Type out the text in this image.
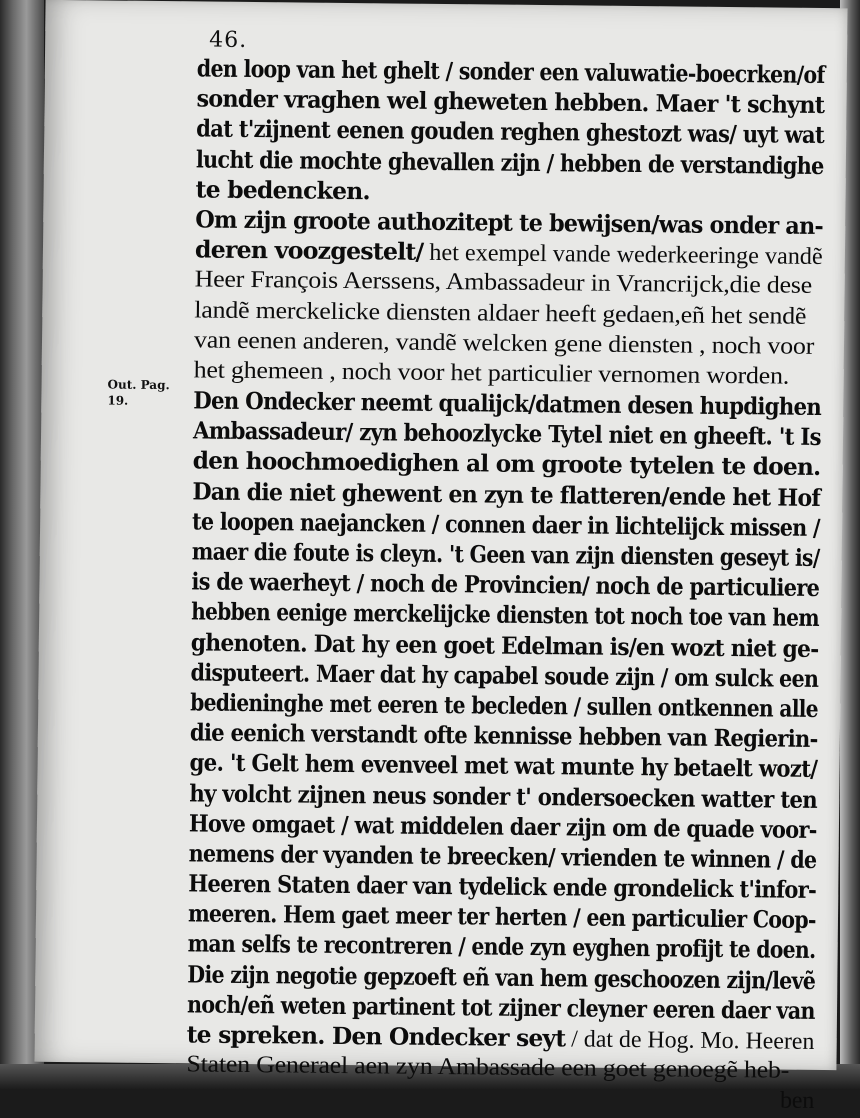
46.
Out. Pag.
19.
den loop van het ghelt / sonder een valuwatie-boecrken/of
sonder vraghen wel gheweten hebben. Maer 't schynt
dat t'zijnent eenen gouden reghen ghestozt was/ uyt wat
lucht die mochte ghevallen zijn / hebben de verstandighe
te bedencken.
Om zijn groote authozitept te bewijsen/was onder an-
deren voozgestelt/ het exempel vande wederkeeringe vandẽ
Heer François Aerssens, Ambassadeur in Vrancrijck,die dese
landẽ merckelicke diensten aldaer heeft gedaen,eñ het sendẽ
van eenen anderen, vandẽ welcken gene diensten , noch voor
het ghemeen , noch voor het particulier vernomen worden.
Den Ondecker neemt qualijck/datmen desen hupdighen
Ambassadeur/ zyn behoozlycke Tytel niet en gheeft. 't Is
den hoochmoedighen al om groote tytelen te doen.
Dan die niet ghewent en zyn te flatteren/ende het Hof
te loopen naejancken / connen daer in lichtelijck missen /
maer die foute is cleyn. 't Geen van zijn diensten geseyt is/
is de waerheyt / noch de Provincien/ noch de particuliere
hebben eenige merckelijcke diensten tot noch toe van hem
ghenoten. Dat hy een goet Edelman is/en wozt niet ge-
disputeert. Maer dat hy capabel soude zijn / om sulck een
bedieninghe met eeren te becleden / sullen ontkennen alle
die eenich verstandt ofte kennisse hebben van Regierin-
ge. 't Gelt hem evenveel met wat munte hy betaelt wozt/
hy volcht zijnen neus sonder t' ondersoecken watter ten
Hove omgaet / wat middelen daer zijn om de quade voor-
nemens der vyanden te breecken/ vrienden te winnen / de
Heeren Staten daer van tydelick ende grondelick t'infor-
meeren. Hem gaet meer ter herten / een particulier Coop-
man selfs te recontreren / ende zyn eyghen profijt te doen.
Die zijn negotie gepzoeft eñ van hem geschoozen zijn/levẽ
noch/eñ weten partinent tot zijner cleyner eeren daer van
te spreken. Den Ondecker seyt / dat de Hog. Mo. Heeren
Staten Generael aen zyn Ambassade een goet genoegẽ heb-
ben
